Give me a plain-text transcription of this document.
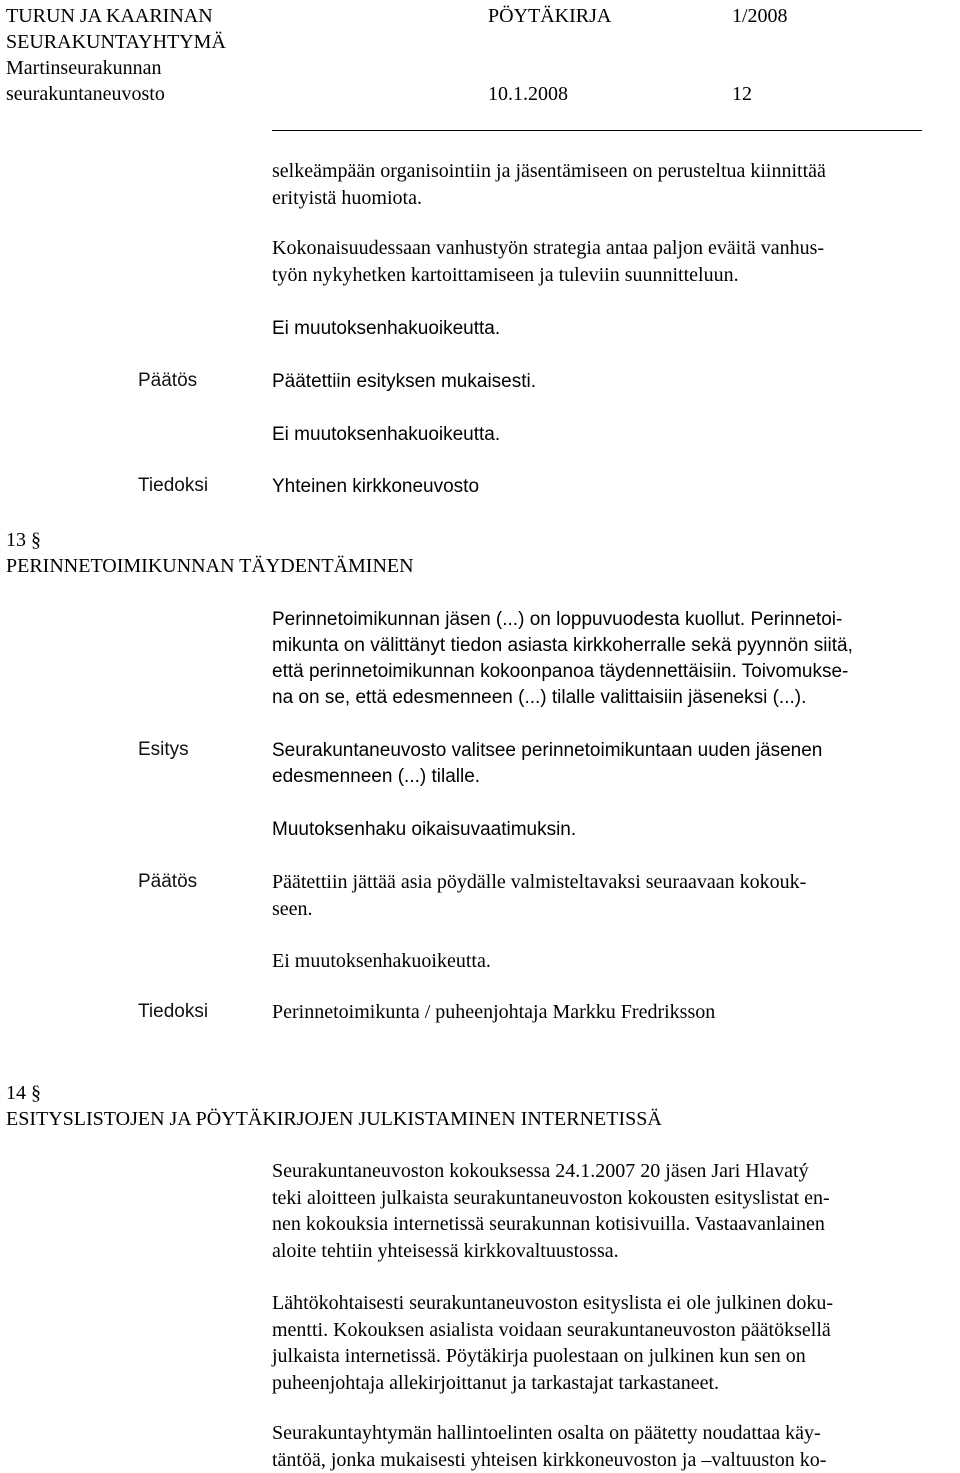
TURUN JA KAARINAN
SEURAKUNTAYHTYMÄ
Martinseurakunnan
seurakuntaneuvosto
PÖYTÄKIRJA	1/2008
10.1.2008	12
selkeämpään organisointiin ja jäsentämiseen on perusteltua kiinnittää
erityistä huomiota.
Kokonaisuudessaan vanhustyön strategia antaa paljon eväitä vanhus-
työn nykyhetken kartoittamiseen ja tuleviin suunnitteluun.
Ei muutoksenhakuoikeutta.
Päätös	Päätettiin esityksen mukaisesti.
Ei muutoksenhakuoikeutta.
Tiedoksi	Yhteinen kirkkoneuvosto
13 §
PERINNETOIMIKUNNAN TÄYDENTÄMINEN
Perinnetoimikunnan jäsen (...) on loppuvuodesta kuollut. Perinnetoi-
mikunta on välittänyt tiedon asiasta kirkkoherralle sekä pyynnön siitä,
että perinnetoimikunnan kokoonpanoa täydennettäisiin. Toivomukse-
na on se, että edesmenneen (...) tilalle valittaisiin jäseneksi (...).
Esitys	Seurakuntaneuvosto valitsee perinnetoimikuntaan uuden jäsenen
edesmenneen (...) tilalle.
Muutoksenhaku oikaisuvaatimuksin.
Päätös	Päätettiin jättää asia pöydälle valmisteltavaksi seuraavaan kokouk-
seen.
Ei muutoksenhakuoikeutta.
Tiedoksi	Perinnetoimikunta / puheenjohtaja Markku Fredriksson
14 §
ESITYSLISTOJEN JA PÖYTÄKIRJOJEN JULKISTAMINEN INTERNETISSÄ
Seurakuntaneuvoston kokouksessa 24.1.2007 20 jäsen Jari Hlavatý
teki aloitteen julkaista seurakuntaneuvoston kokousten esityslistat en-
nen kokouksia internetissä seurakunnan kotisivuilla. Vastaavanlainen
aloite tehtiin yhteisessä kirkkovaltuustossa.
Lähtökohtaisesti seurakuntaneuvoston esityslista ei ole julkinen doku-
mentti. Kokouksen asialista voidaan seurakuntaneuvoston päätöksellä
julkaista internetissä. Pöytäkirja puolestaan on julkinen kun sen on
puheenjohtaja allekirjoittanut ja tarkastajat tarkastaneet.
Seurakuntayhtymän hallintoelinten osalta on päätetty noudattaa käy-
täntöä, jonka mukaisesti yhteisen kirkkoneuvoston ja –valtuuston ko-
